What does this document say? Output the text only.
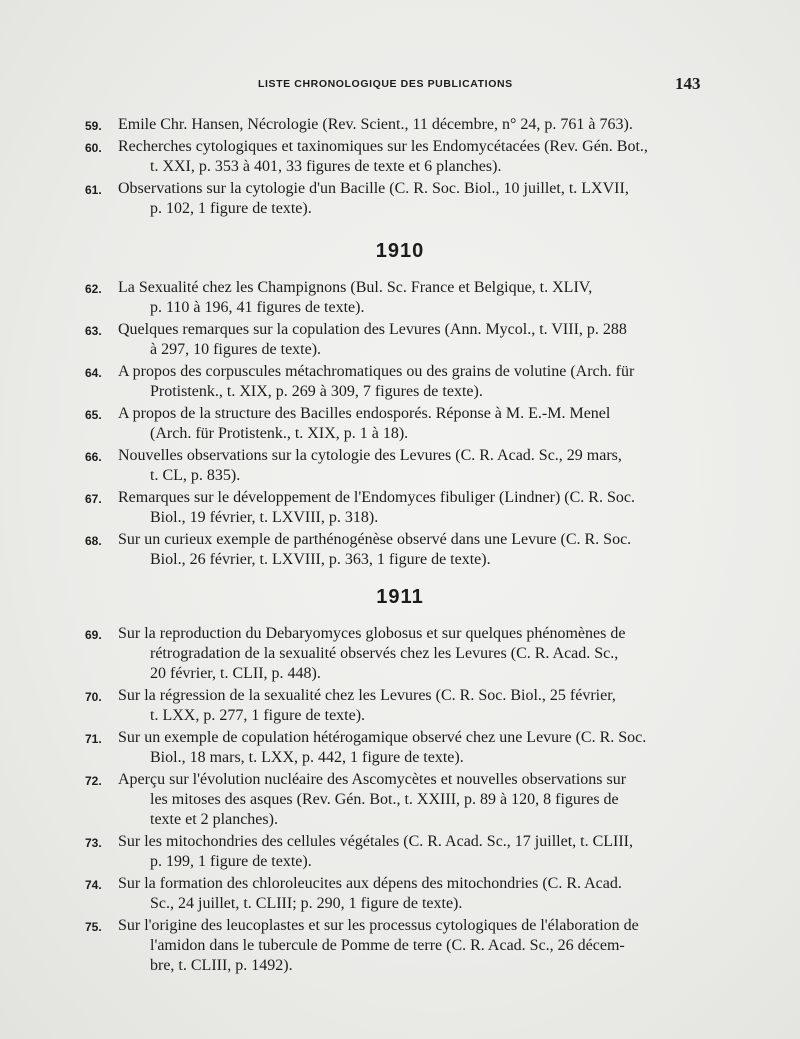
LISTE CHRONOLOGIQUE DES PUBLICATIONS	143
59. Emile Chr. Hansen, Nécrologie (Rev. Scient., 11 décembre, n° 24, p. 761 à 763).
60. Recherches cytologiques et taxinomiques sur les Endomycétacées (Rev. Gén. Bot.,
t. XXI, p. 353 à 401, 33 figures de texte et 6 planches).
61. Observations sur la cytologie d'un Bacille (C. R. Soc. Biol., 10 juillet, t. LXVII,
p. 102, 1 figure de texte).
1910
62. La Sexualité chez les Champignons (Bul. Sc. France et Belgique, t. XLIV,
p. 110 à 196, 41 figures de texte).
63. Quelques remarques sur la copulation des Levures (Ann. Mycol., t. VIII, p. 288
à 297, 10 figures de texte).
64. A propos des corpuscules métachromatiques ou des grains de volutine (Arch. für
Protistenk., t. XIX, p. 269 à 309, 7 figures de texte).
65. A propos de la structure des Bacilles endosporés. Réponse à M. E.-M. Menel
(Arch. für Protistenk., t. XIX, p. 1 à 18).
66. Nouvelles observations sur la cytologie des Levures (C. R. Acad. Sc., 29 mars,
t. CL, p. 835).
67. Remarques sur le développement de l'Endomyces fibuliger (Lindner) (C. R. Soc.
Biol., 19 février, t. LXVIII, p. 318).
68. Sur un curieux exemple de parthénogénèse observé dans une Levure (C. R. Soc.
Biol., 26 février, t. LXVIII, p. 363, 1 figure de texte).
1911
69. Sur la reproduction du Debaryomyces globosus et sur quelques phénomènes de
rétrogradation de la sexualité observés chez les Levures (C. R. Acad. Sc.,
20 février, t. CLII, p. 448).
70. Sur la régression de la sexualité chez les Levures (C. R. Soc. Biol., 25 février,
t. LXX, p. 277, 1 figure de texte).
71. Sur un exemple de copulation hétérogamique observé chez une Levure (C. R. Soc.
Biol., 18 mars, t. LXX, p. 442, 1 figure de texte).
72. Aperçu sur l'évolution nucléaire des Ascomycètes et nouvelles observations sur
les mitoses des asques (Rev. Gén. Bot., t. XXIII, p. 89 à 120, 8 figures de
texte et 2 planches).
73. Sur les mitochondries des cellules végétales (C. R. Acad. Sc., 17 juillet, t. CLIII,
p. 199, 1 figure de texte).
74. Sur la formation des chloroleucites aux dépens des mitochondries (C. R. Acad.
Sc., 24 juillet, t. CLIII; p. 290, 1 figure de texte).
75. Sur l'origine des leucoplastes et sur les processus cytologiques de l'élaboration de
l'amidon dans le tubercule de Pomme de terre (C. R. Acad. Sc., 26 décem-
bre, t. CLIII, p. 1492).
